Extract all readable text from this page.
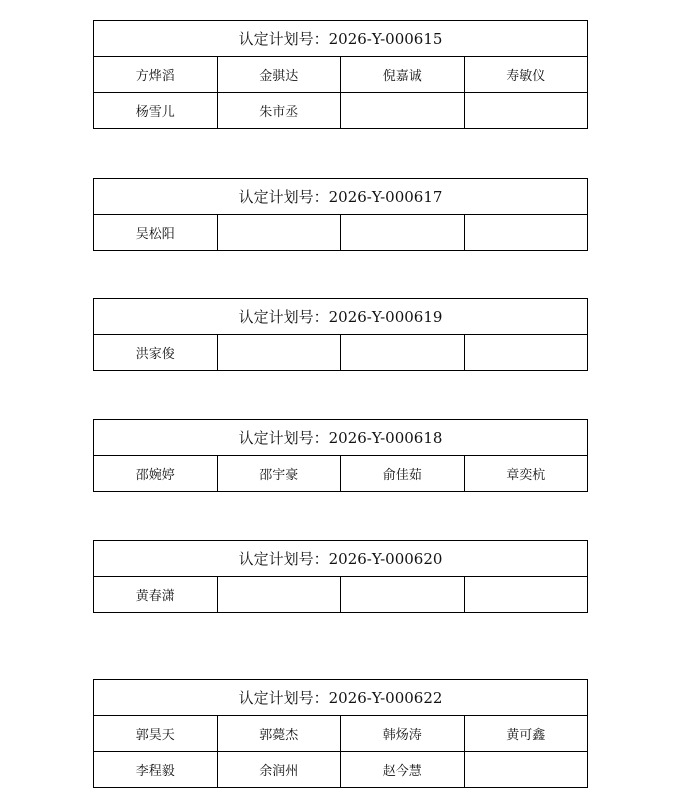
认定计划号：2026-Y-000615			
方烨滔	金骐达	倪嘉诚	寿敏仪
杨雪儿	朱市丞		
认定计划号：2026-Y-000617
吴松阳			
认定计划号：2026-Y-000619
洪家俊			
认定计划号：2026-Y-000618
邵婉婷	邵宇豪	俞佳茹	章奕杭
认定计划号：2026-Y-000620
黄春潇			
认定计划号：2026-Y-000622			
郭昊天	郭薨杰	韩炀涛	黄可鑫
李程毅	余润州	赵今慧	
